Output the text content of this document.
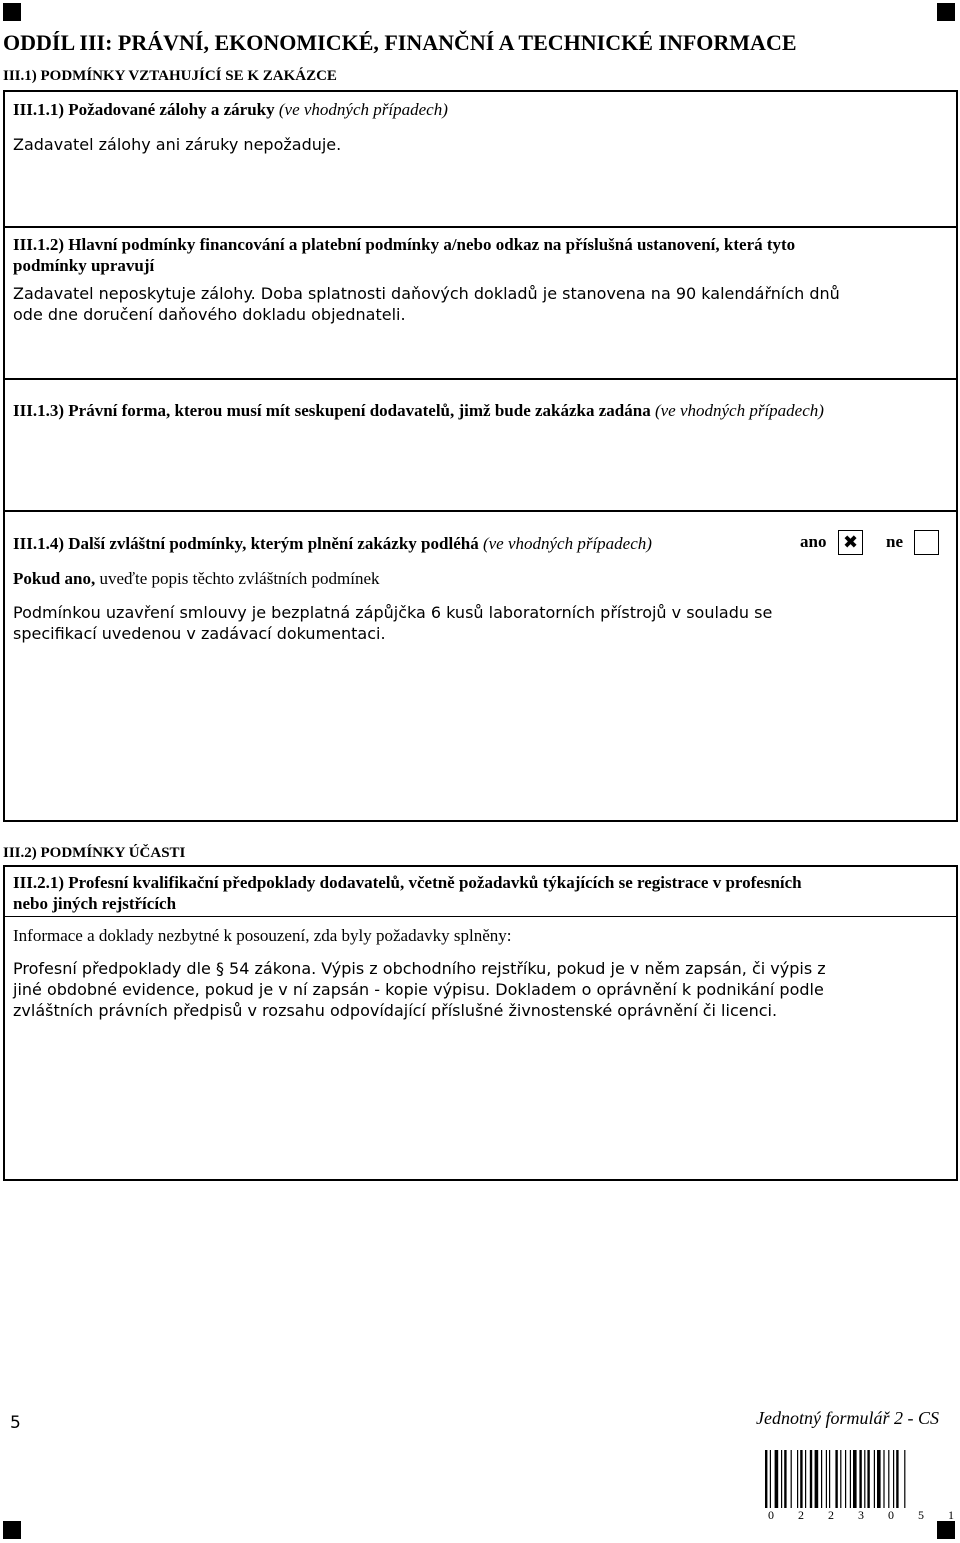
ODDÍL III: PRÁVNÍ, EKONOMICKÉ, FINANČNÍ A TECHNICKÉ INFORMACE
III.1) PODMÍNKY VZTAHUJÍCÍ SE K ZAKÁZCE
III.1.1) Požadované zálohy a záruky (ve vhodných případech)
Zadavatel zálohy ani záruky nepožaduje.
III.1.2) Hlavní podmínky financování a platební podmínky a/nebo odkaz na příslušná ustanovení, která tyto
podmínky upravují
Zadavatel neposkytuje zálohy. Doba splatnosti daňových dokladů je stanovena na 90 kalendářních dnů
ode dne doručení daňového dokladu objednateli.
III.1.3) Právní forma, kterou musí mít seskupení dodavatelů, jimž bude zakázka zadána (ve vhodných případech)
III.1.4) Další zvláštní podmínky, kterým plnění zakázky podléhá (ve vhodných případech)	ano ✖ ne
Pokud ano, uveďte popis těchto zvláštních podmínek
Podmínkou uzavření smlouvy je bezplatná zápůjčka 6 kusů laboratorních přístrojů v souladu se
specifikací uvedenou v zadávací dokumentaci.
III.2) PODMÍNKY ÚČASTI
III.2.1) Profesní kvalifikační předpoklady dodavatelů, včetně požadavků týkajících se registrace v profesních
nebo jiných rejstřících
Informace a doklady nezbytné k posouzení, zda byly požadavky splněny:
Profesní předpoklady dle § 54 zákona. Výpis z obchodního rejstříku, pokud je v něm zapsán, či výpis z
jiné obdobné evidence, pokud je v ní zapsán - kopie výpisu. Dokladem o oprávnění k podnikání podle
zvláštních právních předpisů v rozsahu odpovídající příslušné živnostenské oprávnění či licenci.
5	Jednotný formulář 2 - CS
0 2 2 3 0 5 1
